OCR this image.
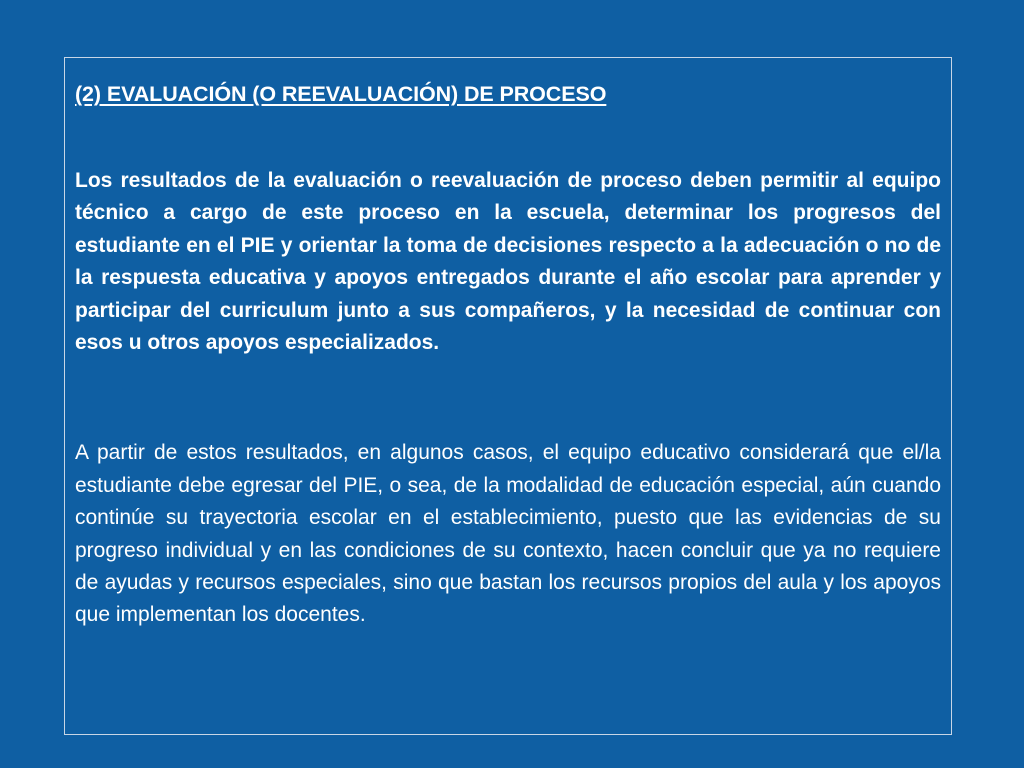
(2) EVALUACIÓN (O REEVALUACIÓN) DE PROCESO

Los resultados de la evaluación o reevaluación de proceso deben permitir al equipo técnico a cargo de este proceso en la escuela, determinar los progresos del estudiante en el PIE y orientar la toma de decisiones respecto a la adecuación o no de la respuesta educativa y apoyos entregados durante el año escolar para aprender y participar del curriculum junto a sus compañeros, y la necesidad de continuar con esos u otros apoyos especializados.

A partir de estos resultados, en algunos casos, el equipo educativo considerará que el/la estudiante debe egresar del PIE, o sea, de la modalidad de educación especial, aún cuando continúe su trayectoria escolar en el establecimiento, puesto que las evidencias de su progreso individual y en las condiciones de su contexto, hacen concluir que ya no requiere de ayudas y recursos especiales, sino que bastan los recursos propios del aula y los apoyos que implementan los docentes.
